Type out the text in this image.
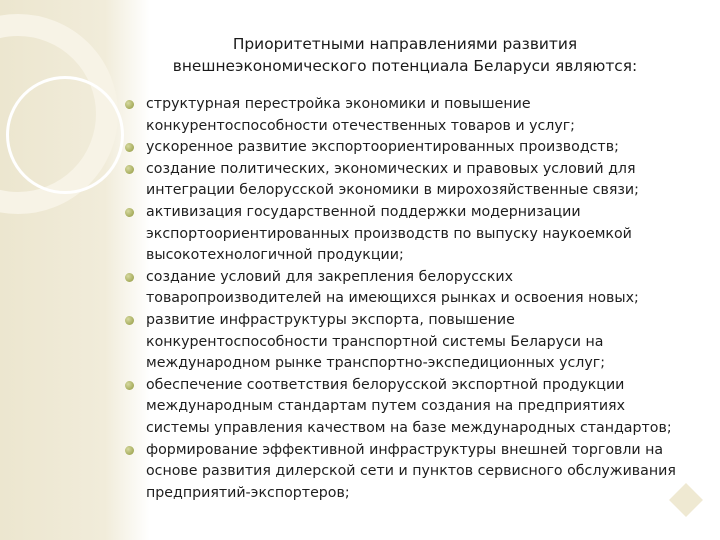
Приоритетными направлениями развития
внешнеэкономического потенциала Беларуси являются:
структурная перестройка экономики и повышение
конкурентоспособности отечественных товаров и услуг;
ускоренное развитие экспортоориентированных производств;
создание политических, экономических и правовых условий для
интеграции белорусской экономики в мирохозяйственные связи;
активизация государственной поддержки модернизации
экспортоориентированных производств по выпуску наукоемкой
высокотехнологичной продукции;
создание условий для закрепления белорусских
товаропроизводителей на имеющихся рынках и освоения новых;
развитие инфраструктуры экспорта, повышение
конкурентоспособности транспортной системы Беларуси на
международном рынке транспортно-экспедиционных услуг;
обеспечение соответствия белорусской экспортной продукции
международным стандартам путем создания на предприятиях
системы управления качеством на базе международных стандартов;
формирование эффективной инфраструктуры внешней торговли на
основе развития дилерской сети и пунктов сервисного обслуживания
предприятий-экспортеров;
